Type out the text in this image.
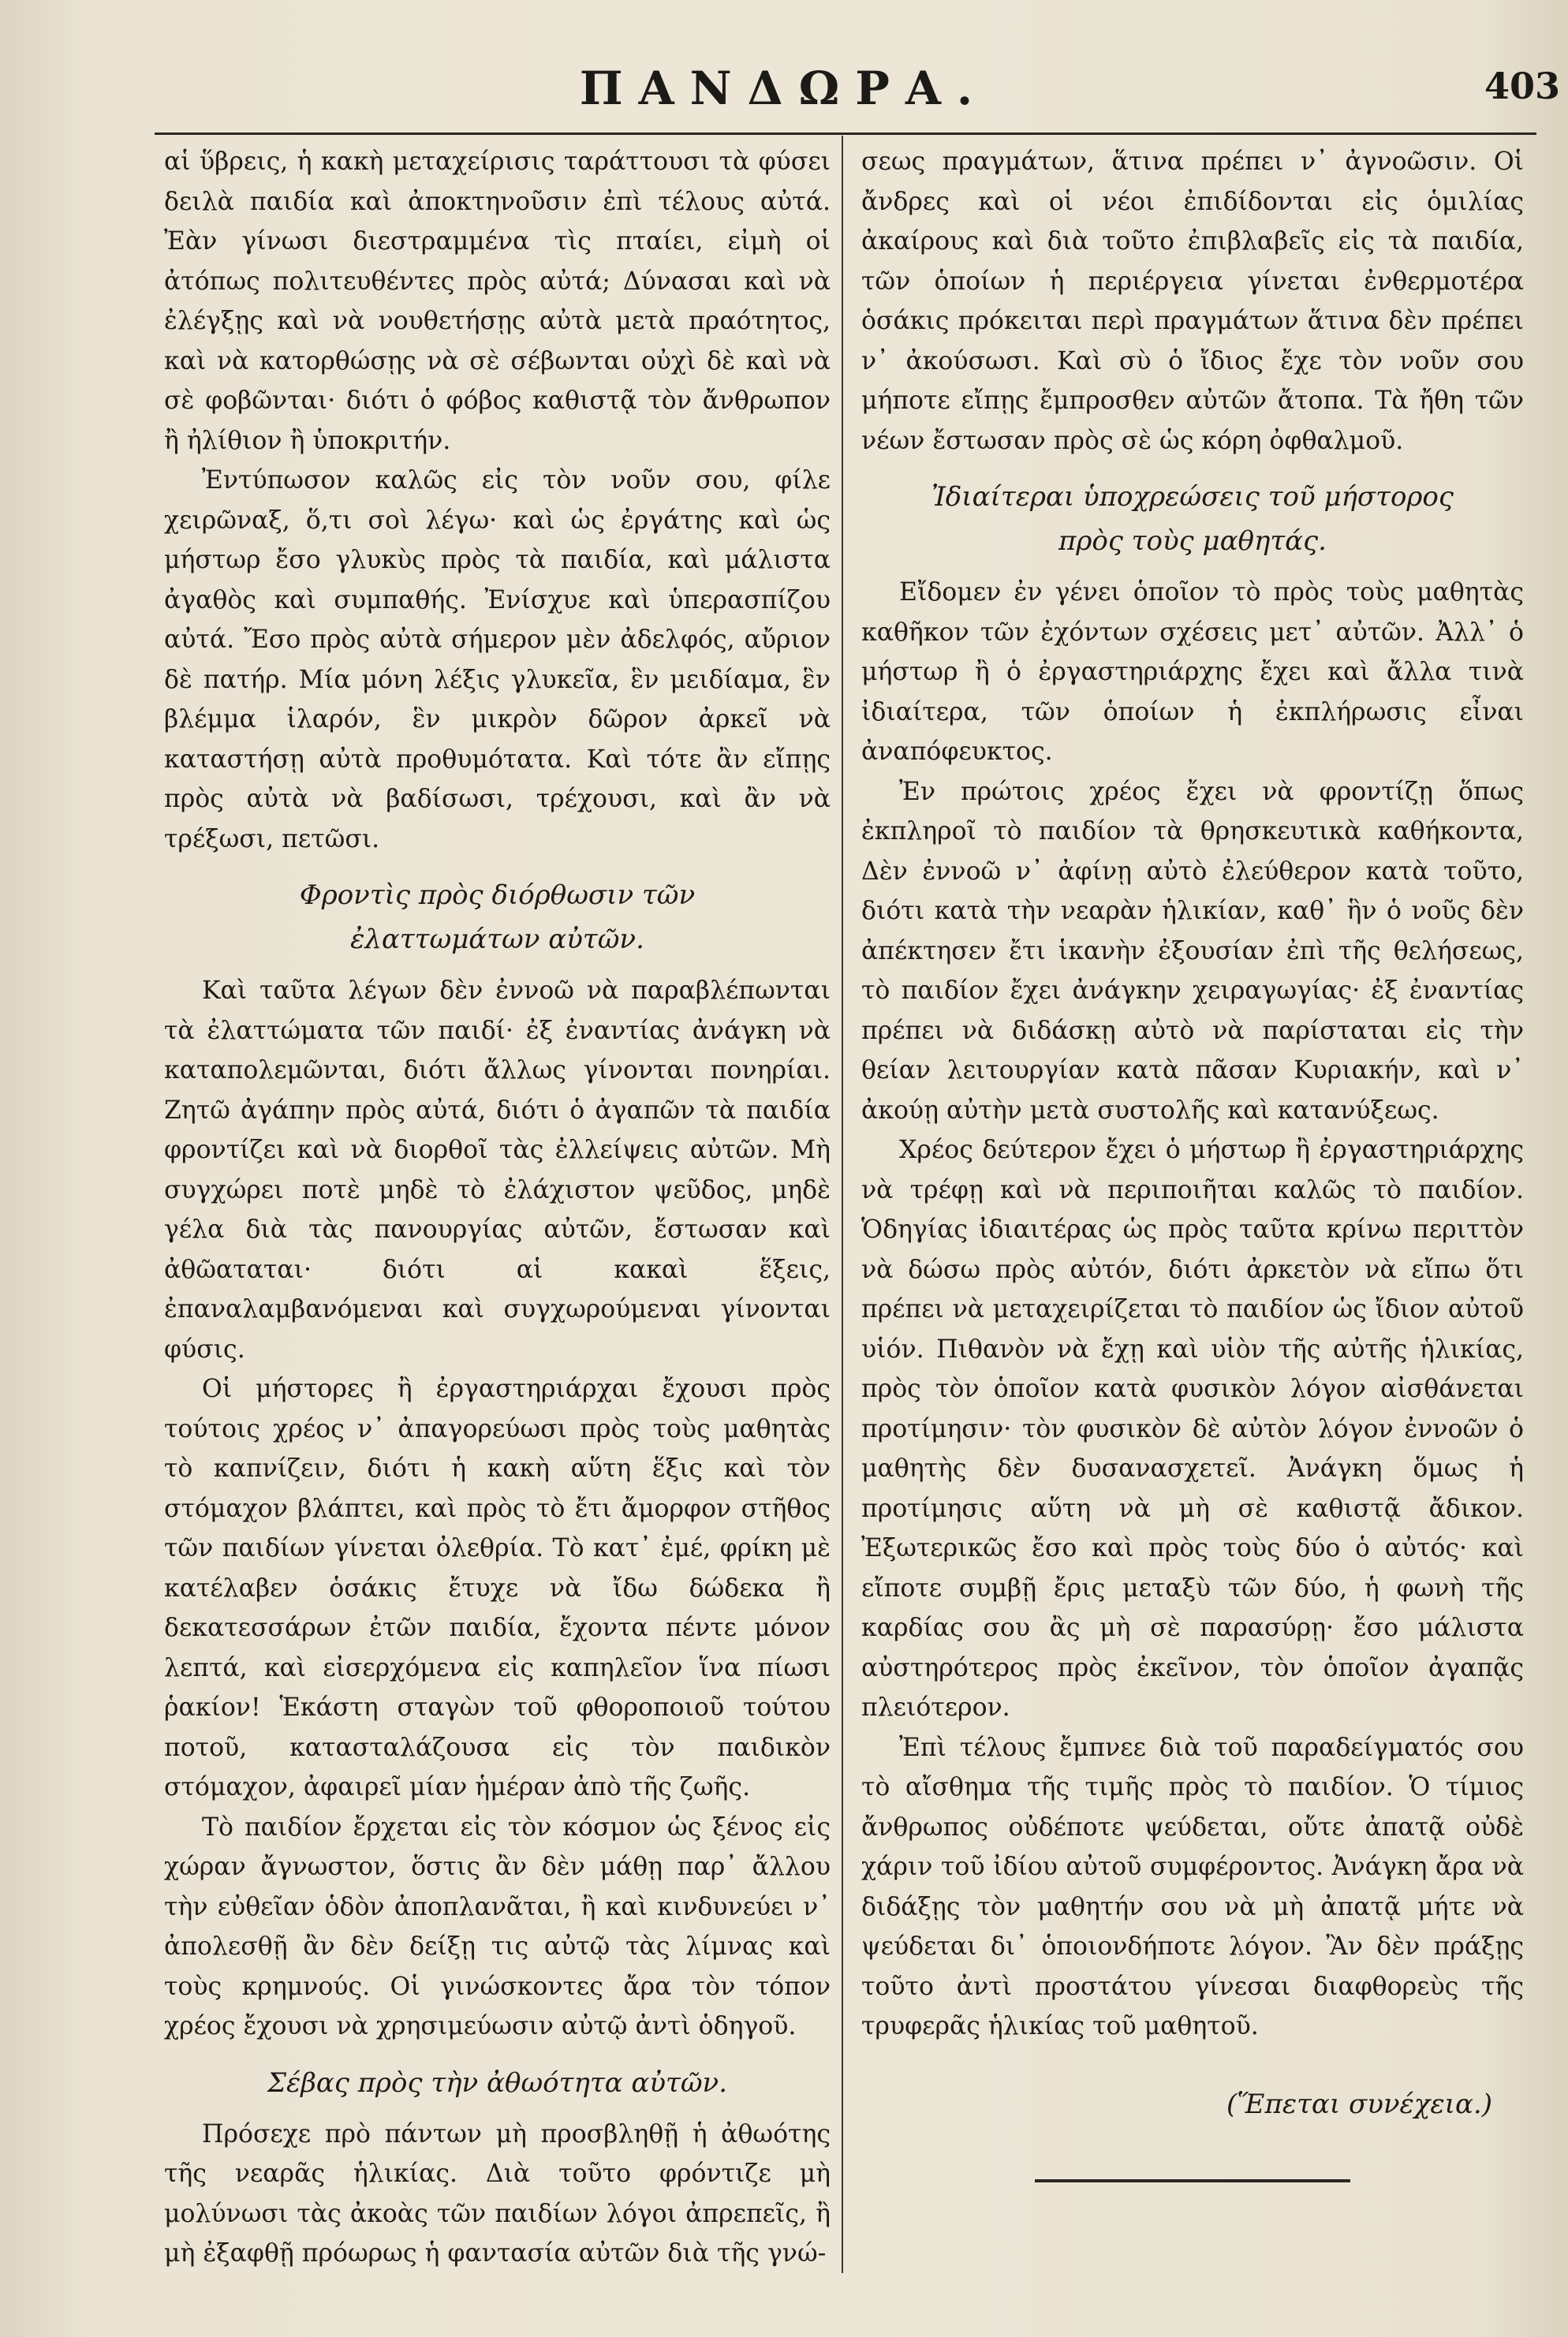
ΠΑΝΔΩΡΑ.	403

αἱ ὕβρεις, ἡ κακὴ μεταχείρισις ταράττουσι τὰ φύσει δειλὰ παιδία καὶ ἀποκτηνοῦσιν ἐπὶ τέλους αὐτά. Ἐὰν γίνωσι διεστραμμένα τὶς πταίει, εἰμὴ οἱ ἀτόπως πολιτευθέντες πρὸς αὐτά; Δύνασαι καὶ νὰ ἐλέγξῃς καὶ νὰ νουθετήσῃς αὐτὰ μετὰ πραότητος, καὶ νὰ κατορθώσῃς νὰ σὲ σέβωνται οὐχὶ δὲ καὶ νὰ σὲ φοβῶνται· διότι ὁ φόβος καθιστᾷ τὸν ἄνθρωπον ἢ ἠλίθιον ἢ ὑποκριτήν.

Ἐντύπωσον καλῶς εἰς τὸν νοῦν σου, φίλε χειρῶναξ, ὅ,τι σοὶ λέγω· καὶ ὡς ἐργάτης καὶ ὡς μήστωρ ἔσο γλυκὺς πρὸς τὰ παιδία, καὶ μάλιστα ἀγαθὸς καὶ συμπαθής. Ἐνίσχυε καὶ ὑπερασπίζου αὐτά. Ἔσο πρὸς αὐτὰ σήμερον μὲν ἀδελφός, αὔριον δὲ πατήρ. Μία μόνη λέξις γλυκεῖα, ἓν μειδίαμα, ἓν βλέμμα ἱλαρόν, ἓν μικρὸν δῶρον ἀρκεῖ νὰ καταστήσῃ αὐτὰ προθυμότατα. Καὶ τότε ἂν εἴπῃς πρὸς αὐτὰ νὰ βαδίσωσι, τρέχουσι, καὶ ἂν νὰ τρέξωσι, πετῶσι.

Φροντὶς πρὸς διόρθωσιν τῶν
ἐλαττωμάτων αὐτῶν.

Καὶ ταῦτα λέγων δὲν ἐννοῶ νὰ παραβλέπωνται τὰ ἐλαττώματα τῶν παιδί· ἐξ ἐναντίας ἀνάγκη νὰ καταπολεμῶνται, διότι ἄλλως γίνονται πονηρίαι. Ζητῶ ἀγάπην πρὸς αὐτά, διότι ὁ ἀγαπῶν τὰ παιδία φροντίζει καὶ νὰ διορθοῖ τὰς ἐλλείψεις αὐτῶν. Μὴ συγχώρει ποτὲ μηδὲ τὸ ἐλάχιστον ψεῦδος, μηδὲ γέλα διὰ τὰς πανουργίας αὐτῶν, ἔστωσαν καὶ ἀθῶαταται· διότι αἱ κακαὶ ἕξεις, ἐπαναλαμβανόμεναι καὶ συγχωρούμεναι γίνονται φύσις.

Οἱ μήστορες ἢ ἐργαστηριάρχαι ἔχουσι πρὸς τούτοις χρέος ν᾽ ἀπαγορεύωσι πρὸς τοὺς μαθητὰς τὸ καπνίζειν, διότι ἡ κακὴ αὕτη ἕξις καὶ τὸν στόμαχον βλάπτει, καὶ πρὸς τὸ ἔτι ἄμορφον στῆθος τῶν παιδίων γίνεται ὀλεθρία. Τὸ κατ᾽ ἐμέ, φρίκη μὲ κατέλαβεν ὁσάκις ἔτυχε νὰ ἴδω δώδεκα ἢ δεκατεσσάρων ἐτῶν παιδία, ἔχοντα πέντε μόνον λεπτά, καὶ εἰσερχόμενα εἰς καπηλεῖον ἵνα πίωσι ῥακίον! Ἑκάστη σταγὼν τοῦ φθοροποιοῦ τούτου ποτοῦ, κατασταλάζουσα εἰς τὸν παιδικὸν στόμαχον, ἀφαιρεῖ μίαν ἡμέραν ἀπὸ τῆς ζωῆς.

Τὸ παιδίον ἔρχεται εἰς τὸν κόσμον ὡς ξένος εἰς χώραν ἄγνωστον, ὅστις ἂν δὲν μάθῃ παρ᾽ ἄλλου τὴν εὐθεῖαν ὁδὸν ἀποπλανᾶται, ἢ καὶ κινδυνεύει ν᾽ ἀπολεσθῇ ἂν δὲν δείξῃ τις αὐτῷ τὰς λίμνας καὶ τοὺς κρημνούς. Οἱ γινώσκοντες ἄρα τὸν τόπον χρέος ἔχουσι νὰ χρησιμεύωσιν αὐτῷ ἀντὶ ὁδηγοῦ.

Σέβας πρὸς τὴν ἀθωότητα αὐτῶν.

Πρόσεχε πρὸ πάντων μὴ προσβληθῇ ἡ ἀθωότης τῆς νεαρᾶς ἡλικίας. Διὰ τοῦτο φρόντιζε μὴ μολύνωσι τὰς ἀκοὰς τῶν παιδίων λόγοι ἀπρεπεῖς, ἢ μὴ ἐξαφθῇ πρόωρως ἡ φαντασία αὐτῶν διὰ τῆς γνώ-

σεως πραγμάτων, ἅτινα πρέπει ν᾽ ἀγνοῶσιν. Οἱ ἄνδρες καὶ οἱ νέοι ἐπιδίδονται εἰς ὁμιλίας ἀκαίρους καὶ διὰ τοῦτο ἐπιβλαβεῖς εἰς τὰ παιδία, τῶν ὁποίων ἡ περιέργεια γίνεται ἐνθερμοτέρα ὁσάκις πρόκειται περὶ πραγμάτων ἅτινα δὲν πρέπει ν᾽ ἀκούσωσι. Καὶ σὺ ὁ ἴδιος ἔχε τὸν νοῦν σου μήποτε εἴπῃς ἔμπροσθεν αὐτῶν ἄτοπα. Τὰ ἤθη τῶν νέων ἔστωσαν πρὸς σὲ ὡς κόρη ὀφθαλμοῦ.

Ἰδιαίτεραι ὑποχρεώσεις τοῦ μήστορος
πρὸς τοὺς μαθητάς.

Εἴδομεν ἐν γένει ὁποῖον τὸ πρὸς τοὺς μαθητὰς καθῆκον τῶν ἐχόντων σχέσεις μετ᾽ αὐτῶν. Ἀλλ᾽ ὁ μήστωρ ἢ ὁ ἐργαστηριάρχης ἔχει καὶ ἄλλα τινὰ ἰδιαίτερα, τῶν ὁποίων ἡ ἐκπλήρωσις εἶναι ἀναπόφευκτος.

Ἐν πρώτοις χρέος ἔχει νὰ φροντίζῃ ὅπως ἐκπληροῖ τὸ παιδίον τὰ θρησκευτικὰ καθήκοντα, Δὲν ἐννοῶ ν᾽ ἀφίνῃ αὐτὸ ἐλεύθερον κατὰ τοῦτο, διότι κατὰ τὴν νεαρὰν ἡλικίαν, καθ᾽ ἣν ὁ νοῦς δὲν ἀπέκτησεν ἔτι ἱκανὴν ἐξουσίαν ἐπὶ τῆς θελήσεως, τὸ παιδίον ἔχει ἀνάγκην χειραγωγίας· ἐξ ἐναντίας πρέπει νὰ διδάσκῃ αὐτὸ νὰ παρίσταται εἰς τὴν θείαν λειτουργίαν κατὰ πᾶσαν Κυριακήν, καὶ ν᾽ ἀκούῃ αὐτὴν μετὰ συστολῆς καὶ κατανύξεως.

Χρέος δεύτερον ἔχει ὁ μήστωρ ἢ ἐργαστηριάρχης νὰ τρέφῃ καὶ νὰ περιποιῆται καλῶς τὸ παιδίον. Ὁδηγίας ἰδιαιτέρας ὡς πρὸς ταῦτα κρίνω περιττὸν νὰ δώσω πρὸς αὐτόν, διότι ἀρκετὸν νὰ εἴπω ὅτι πρέπει νὰ μεταχειρίζεται τὸ παιδίον ὡς ἴδιον αὐτοῦ υἱόν. Πιθανὸν νὰ ἔχῃ καὶ υἱὸν τῆς αὐτῆς ἡλικίας, πρὸς τὸν ὁποῖον κατὰ φυσικὸν λόγον αἰσθάνεται προτίμησιν· τὸν φυσικὸν δὲ αὐτὸν λόγον ἐννοῶν ὁ μαθητὴς δὲν δυσανασχετεῖ. Ἀνάγκη ὅμως ἡ προτίμησις αὕτη νὰ μὴ σὲ καθιστᾷ ἄδικον. Ἐξωτερικῶς ἔσο καὶ πρὸς τοὺς δύο ὁ αὐτός· καὶ εἴποτε συμβῇ ἔρις μεταξὺ τῶν δύο, ἡ φωνὴ τῆς καρδίας σου ἂς μὴ σὲ παρασύρῃ· ἔσο μάλιστα αὐστηρότερος πρὸς ἐκεῖνον, τὸν ὁποῖον ἀγαπᾷς πλειότερον.

Ἐπὶ τέλους ἔμπνεε διὰ τοῦ παραδείγματός σου τὸ αἴσθημα τῆς τιμῆς πρὸς τὸ παιδίον. Ὁ τίμιος ἄνθρωπος οὐδέποτε ψεύδεται, οὔτε ἀπατᾷ οὐδὲ χάριν τοῦ ἰδίου αὐτοῦ συμφέροντος. Ἀνάγκη ἄρα νὰ διδάξῃς τὸν μαθητήν σου νὰ μὴ ἀπατᾷ μήτε νὰ ψεύδεται δι᾽ ὁποιονδήποτε λόγον. Ἂν δὲν πράξῃς τοῦτο ἀντὶ προστάτου γίνεσαι διαφθορεὺς τῆς τρυφερᾶς ἡλικίας τοῦ μαθητοῦ.

(Ἕπεται συνέχεια.)
